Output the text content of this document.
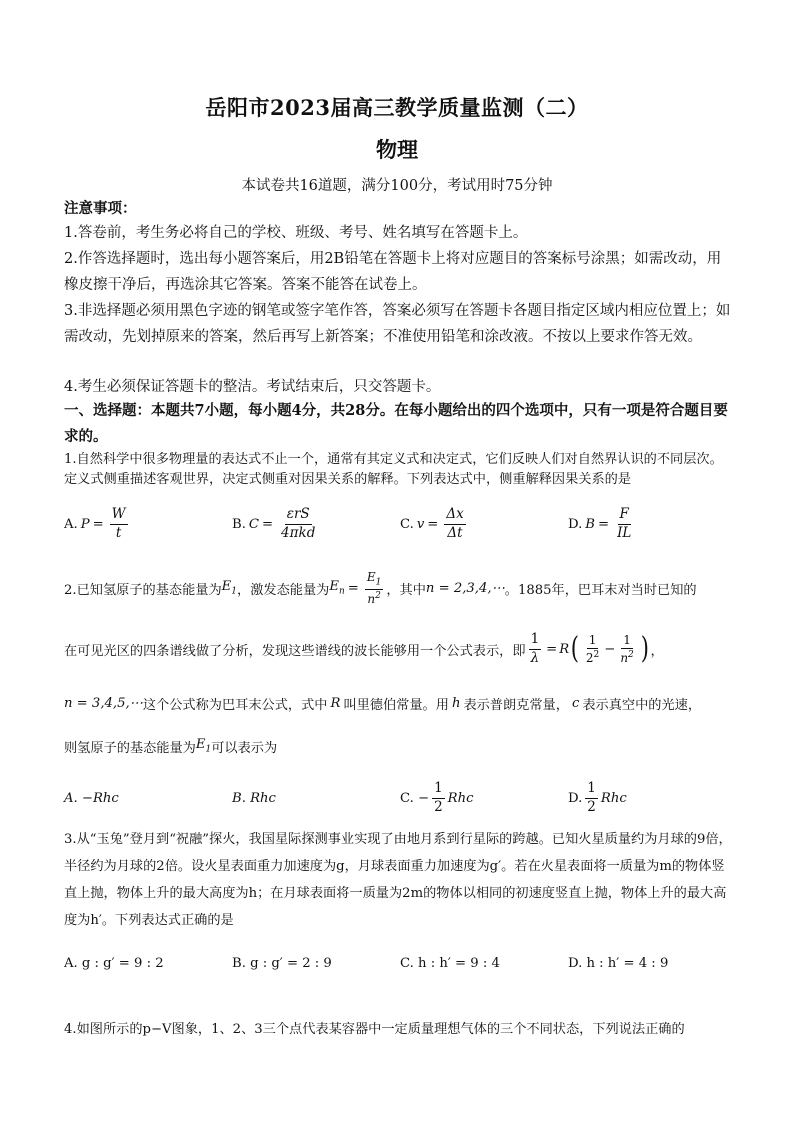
岳阳市2023届高三教学质量监测（二）
物理
本试卷共16道题，满分100分，考试用时75分钟
注意事项：
1.答卷前，考生务必将自己的学校、班级、考号、姓名填写在答题卡上。
2.作答选择题时，选出每小题答案后，用2B铅笔在答题卡上将对应题目的答案标号涂黑；如需改动，用橡皮擦干净后，再选涂其它答案。答案不能答在试卷上。
3.非选择题必须用黑色字迹的钢笔或签字笔作答，答案必须写在答题卡各题目指定区域内相应位置上；如需改动，先划掉原来的答案，然后再写上新答案；不准使用铅笔和涂改液。不按以上要求作答无效。
4.考生必须保证答题卡的整洁。考试结束后，只交答题卡。
一、选择题：本题共7小题，每小题4分，共28分。在每小题给出的四个选项中，只有一项是符合题目要求的。
1.自然科学中很多物理量的表达式不止一个，通常有其定义式和决定式，它们反映人们对自然界认识的不同层次。定义式侧重描述客观世界，决定式侧重对因果关系的解释。下列表达式中，侧重解释因果关系的是
A. $P = \frac{W}{t}$	B. $C = \frac{\text{εrS}}{\text{4πkd}}$	C. $v = \frac{\Delta x}{\Delta t}$	D. $B = \frac{F}{IL}$
2.已知氢原子的基态能量为 $E_1$ ，激发态能量为 $E_n = \frac{E_1}{n^2}$ ，其中 n = 2,3,4,⋯ 。1885年，巴耳末对当时已知的
在可见光区的四条谱线做了分析，发现这些谱线的波长能够用一个公式表示，即 $\frac{1}{\lambda} = R$ ( $\frac{1}{2^2} - \frac{1}{n^2}$ ) ，
n = 3,4,5,⋯ 这个公式称为巴耳末公式，式中 R 叫里德伯常量。用 h 表示普朗克常量， c 表示真空中的光速，
则氢原子的基态能量为 $E_1$ 可以表示为
A. −Rhc	B. Rhc	C. − $\frac{1}{2}$ Rhc	D. $\frac{1}{2}$ Rhc
3.从“玉兔”登月到“祝融”探火，我国星际探测事业实现了由地月系到行星际的跨越。已知火星质量约为月球的9倍，半径约为月球的2倍。设火星表面重力加速度为g，月球表面重力加速度为g′。若在火星表面将一质量为m的物体竖直上抛，物体上升的最大高度为h；在月球表面将一质量为2m的物体以相同的初速度竖直上抛，物体上升的最大高度为h′。下列表达式正确的是
A. g : g′ = 9 : 2	B. g : g′ = 2 : 9	C. h : h′ = 9 : 4	D. h : h′ = 4 : 9
4.如图所示的p−V图象，1、2、3三个点代表某容器中一定质量理想气体的三个不同状态，下列说法正确的
